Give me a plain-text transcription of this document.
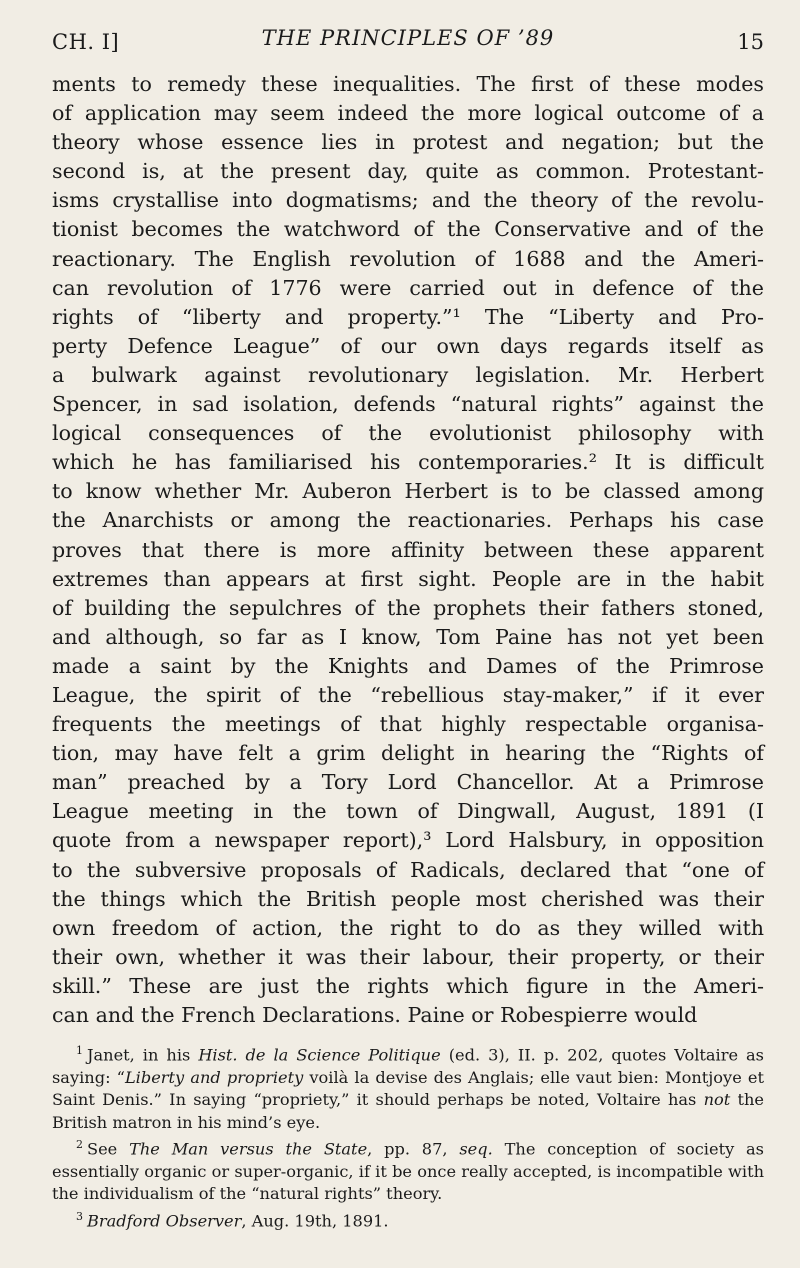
CH. I]	THE PRINCIPLES OF ’89	15
ments to remedy these inequalities. The first of these modes
of application may seem indeed the more logical outcome of a
theory whose essence lies in protest and negation; but the
second is, at the present day, quite as common. Protestant-
isms crystallise into dogmatisms; and the theory of the revolu-
tionist becomes the watchword of the Conservative and of the
reactionary. The English revolution of 1688 and the Ameri-
can revolution of 1776 were carried out in defence of the
rights of “liberty and property.”¹ The “Liberty and Pro-
perty Defence League” of our own days regards itself as
a bulwark against revolutionary legislation. Mr. Herbert
Spencer, in sad isolation, defends “natural rights” against the
logical consequences of the evolutionist philosophy with
which he has familiarised his contemporaries.² It is difficult
to know whether Mr. Auberon Herbert is to be classed among
the Anarchists or among the reactionaries. Perhaps his case
proves that there is more affinity between these apparent
extremes than appears at first sight. People are in the habit
of building the sepulchres of the prophets their fathers stoned,
and although, so far as I know, Tom Paine has not yet been
made a saint by the Knights and Dames of the Primrose
League, the spirit of the “rebellious stay-maker,” if it ever
frequents the meetings of that highly respectable organisa-
tion, may have felt a grim delight in hearing the “Rights of
man” preached by a Tory Lord Chancellor. At a Primrose
League meeting in the town of Dingwall, August, 1891 (I
quote from a newspaper report),³ Lord Halsbury, in opposition
to the subversive proposals of Radicals, declared that “one of
the things which the British people most cherished was their
own freedom of action, the right to do as they willed with
their own, whether it was their labour, their property, or their
skill.” These are just the rights which figure in the Ameri-
can and the French Declarations. Paine or Robespierre would
$^1$ Janet, in his Hist. de la Science Politique (ed. 3), II. p. 202, quotes Voltaire as saying: “Liberty and propriety voilà la devise des Anglais; elle vaut bien: Montjoye et Saint Denis.” In saying “propriety,” it should perhaps be noted, Voltaire has not the British matron in his mind’s eye.
$^2$ See The Man versus the State, pp. 87, seq. The conception of society as essentially organic or super-organic, if it be once really accepted, is incompatible with the individualism of the “natural rights” theory.
$^3$ Bradford Observer, Aug. 19th, 1891.
